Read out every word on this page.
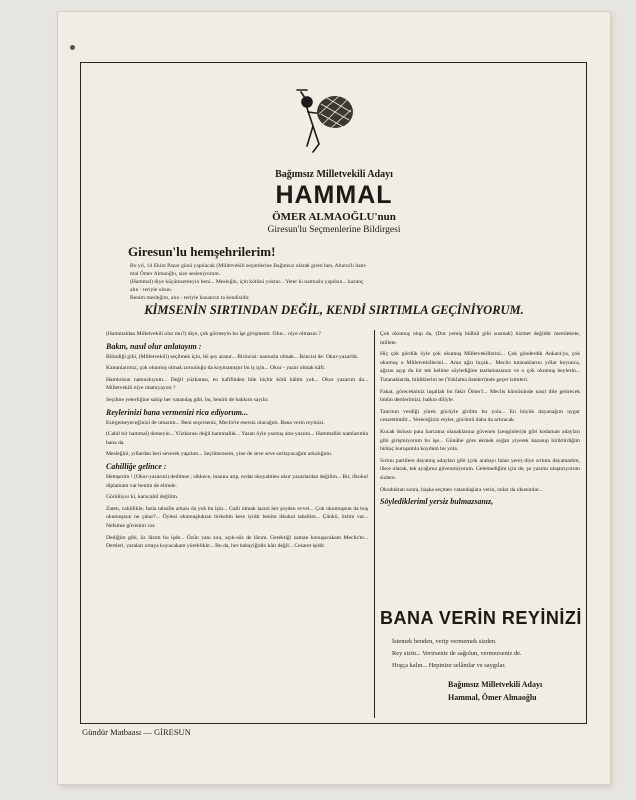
Bağımsız Milletvekili Adayı
HAMMAL
ÖMER ALMAOĞLU'nun
Giresun'lu Seçmenlerine Bildirgesi
Giresun'lu hemşehrilerim!
Bu yıl, 14 Ekim Pazar günü yapılacak (Milletvekili seçimlerine Bağımsız olarak giren ben, Aluera'lı ham-
mal Ömer Almaoğlu, size sesleniyorum.
(Hammal) diye küçümsemeyin beni... Mesleğin, için kötüsü yoktur... Yeter ki namuslu yapılsın... kazanç
alın - teriyle olsun.
Benim mesleğim, alın - teriyle kazancın ta kendisidir.
KİMSENİN SIRTINDAN DEĞİL, KENDİ SIRTIMLA GEÇİNİYORUM.

(Hammaldan Milletvekili olur mu?) diye, çok görmeyin bu işe girişmemi. Olur... niye olmasın ?

Bakın, nasıl olur anlatayım :

Bilindiği gibi, (Milletvekili) seçilmek için, iki şey aranır... Birincisi: namuslu olmak... İkincisi de: Okur-yazarlık.

Kanunlarımız, çok okumuş olmak zorunluğu da koymamıştır bu iş için... Okur - yazar olmak kâfi.

Hamlolsun namusluyum... Değil yüzkarası, en hafifinden bile hiçbir kötü hâlim yok... Okur yazarım da... Milletvekili niye olamıyayım ?

Seçilme yeterliğine sahip her vatandaş gibi, bu, benim de hakkım sayılır.

Reylerinizi bana vermenizi rica ediyorum...

Esirgemeyeceğinizi de umarım... Beni seçerseniz, Meclis'te esersiz olacağım. Bana verin reyinizi.

(Cahil bir hammal) demeyin... Yüzkarası değil hammallık... Yazan öyle yazmış alın-yazımı... Hammallık namlarımla bana da.

Mesleğini, yıllardan beri severek yapılım... Seçilmezsem, yine de seve seve sırtlayacağım arkalığımı.

Cahilliğe gelince :

Hemşerim ! (Okur-yazarım) dedimse ; sikkece, inanını atıp, ecdat okuyabilen okur yazarlardan değilim... Bir, ilkokul diplamam var benim de elimde.

Görülüyor ki, karacahil değilim.

Zaten, cahillikle, fazla tahsille arkası da yok bu işin... Galli olmak lazım her şeyden evvel... Çok okumuşsun da boş okumuşsun ne çıkar?... Öylesi okumuşluktan birkebin kere iyidir benim ilkokul tahsilim... Çünkü, öztim var... Nefsime güvenim var.

Dediğim gibi, öz lâzım bu işde... Özün yanı sıra, açık-söz de lâzım. Gerektiği zaman konuşacakam Meclis'te... Dertleri, yaraları ortaya koyacakam yüreklikle... Bu da, her babayiğidin kârı değil... Cesaret işidir.

Çok okumuş olup da, (Dut yemiş bülbül gibi susmak) hizmet değildir memlekete, millete.

Hiç çok gördük öyle çok okumuş Milletvekillerini... Çok gönderdik Ankara'ya, çok okumuş o Milletvekillerini... Ama ağzı bıçak... Meclis tutanaklarını yıllar boyunca, ağzını açıp da bir tek kelime söylediğine tastlamazsınız ve o çok okumuş beylerin... Tutanaklarda, bildiklerini ne (Yoklama listeleri)nde geçer isimleri.

Fakat, göreceksiniz inşallah bu fakir Ömer'i... Meclis kürsüsünde nasıl dile getirecek bütün dertlerimizi, halkın diliyle.

Tanrının verdiği yürek gücüyle girdim bu yola... En büyük dayanağım uygar cesaretimdir... Vereceğiniz reyler, gücümü daha da artıracak.

Kucak dolusu para harcama olanaklarına güvenen (zenginleri)n gibi kodaman adayları gibi girişmiyorum bu işe... Günübe göre ekmek soğan yiyerek kazanıp biriktirdiğim birkaç kuruşumla koydum bu yola.

Sırtını partilere dayamış adayları gibi (çok arabayı falan yere) diye sırtımı dayamadım, ilkce olarak, tek ayağıma güvenmiyorum. Gelemediğim için de, şu yazımı ulaştırıyorum sizlere.

Okuduktan sonra, başka seçmen vatandaşlara verin, onlar da okusunlar...

Söyledikleriml yersiz bulmazsanız,
BANA VERİN REYİNİZİ
İstemek benden, verip vermemek sizden.
Rey sizin... Verirseniz de sağolun, vermezseniz de.
Hoşça kalın... Hepinize selâmlar ve saygılar.
Bağımsız Milletvekili Adayı
Hammal, Ömer Almaoğlu
Gündür Matbaası — GİRESUN
